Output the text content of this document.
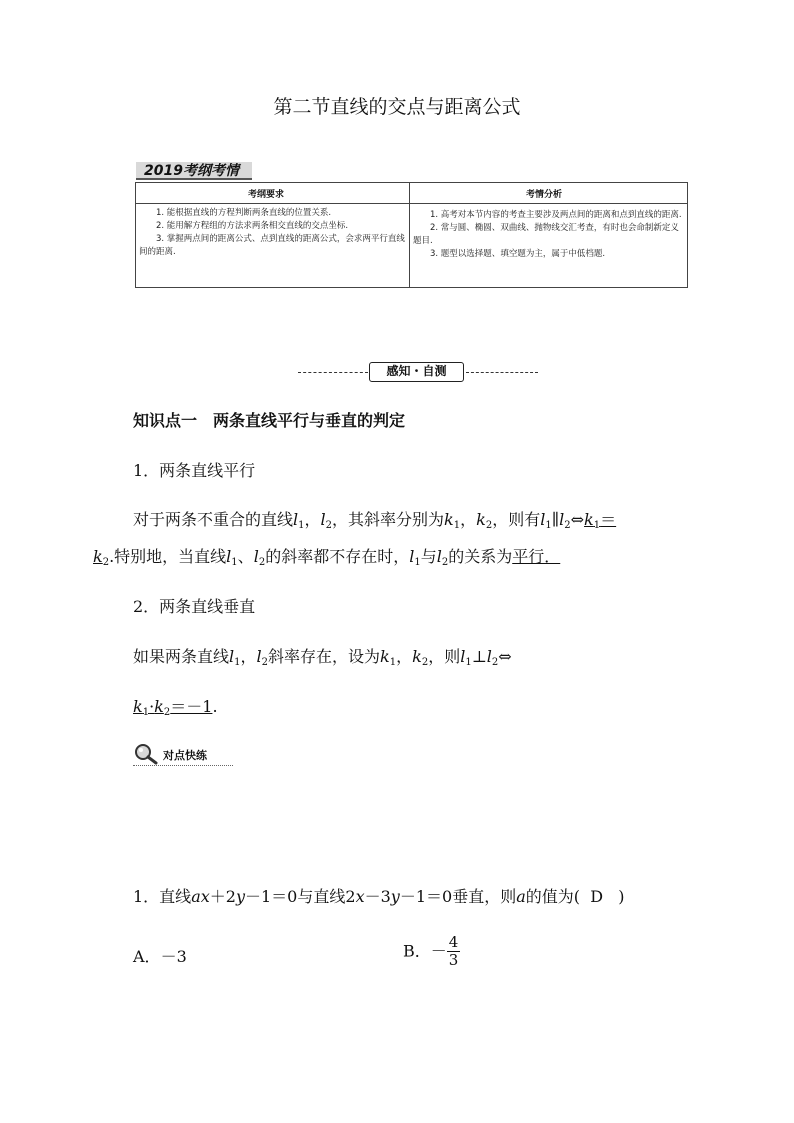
第二节直线的交点与距离公式
2019考纲考情
考纲要求	考情分析

1. 能根据直线的方程判断两条直线的位置关系.

2. 能用解方程组的方法求两条相交直线的交点坐标.

3. 掌握两点间的距离公式、点到直线的距离公式，会求两平行直线间的距离.

1. 高考对本节内容的考查主要涉及两点间的距离和点到直线的距离.

2. 常与圆、椭圆、双曲线、抛物线交汇考查，有时也会命制新定义题目.

3. 题型以选择题、填空题为主，属于中低档题.

感知・自测
知识点一　两条直线平行与垂直的判定
1．两条直线平行
对于两条不重合的直线$l_1$，$l_2$，其斜率分别为$k_1$，$k_2$，则有$l_1\parallel l_2\Leftrightarrow k_1=$
$k_2$.特别地，当直线$l_1$、$l_2$的斜率都不存在时，$l_1$与$l_2$的关系为平行．
2．两条直线垂直
如果两条直线$l_1$，$l_2$斜率存在，设为$k_1$，$k_2$，则$l_1\perp l_2\Leftrightarrow$
$k_1\cdot k_2=-1$.
对点快练
1．直线ax＋2y－1＝0与直线2x－3y－1＝0垂直，则a的值为( D )
A．－3	B．－ $\frac{4}{3}$
